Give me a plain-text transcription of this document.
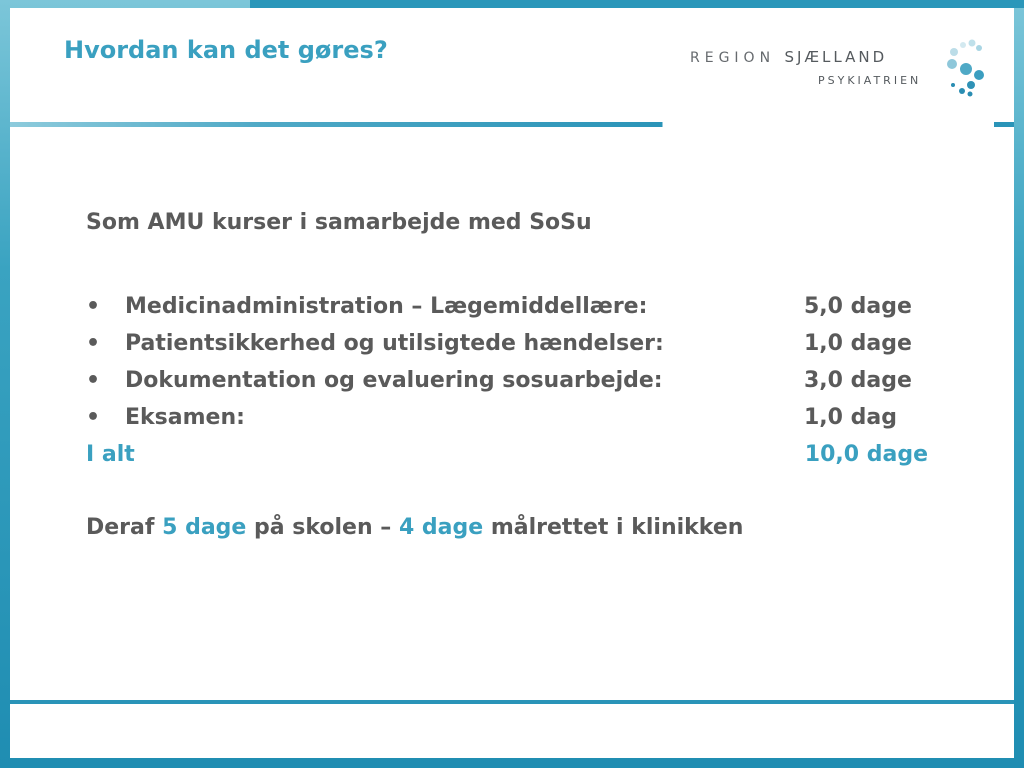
Hvordan kan det gøres?	REGION SJÆLLAND
PSYKIATRIEN
Som AMU kurser i samarbejde med SoSu
• Medicinadministration – Lægemiddellære:	5,0 dage
• Patientsikkerhed og utilsigtede hændelser:	1,0 dage
• Dokumentation og evaluering sosuarbejde:	3,0 dage
• Eksamen:	1,0 dag
I alt	10,0 dage
Deraf 5 dage på skolen – 4 dage målrettet i klinikken
